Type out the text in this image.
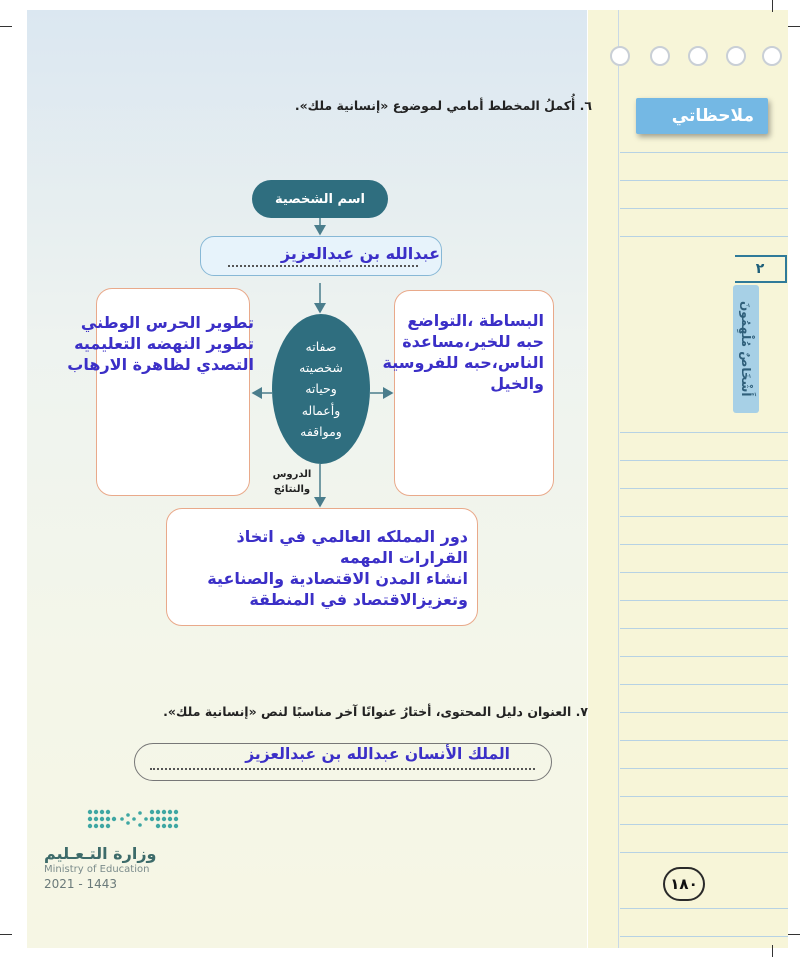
ملاحظاتي
٢
أَشْخَاصٌ مُلْهِمُونَ
٦. أُكملُ المخطط أمامي لموضوع «إنسانية ملك».
اسم الشخصية
عبدالله بن عبدالعزيز
تطوير الحرس الوطني
تطوير النهضه التعليميه
التصدي لظاهرة الارهاب
البساطة ،التواضع
حبه للخير،مساعدة
الناس،حبه للفروسية
والخيل
صفاته
شخصيته
وحياته
وأعماله
ومواقفه
الدروس
والنتائج
دور المملكه العالمي في اتخاذ
القرارات المهمه
انشاء المدن الاقتصادية والصناعية
وتعزيزالاقتصاد في المنطقة
٧. العنوان دليل المحتوى، أختارُ عنوانًا آخر مناسبًا لنص «إنسانية ملك».
الملك الأنسان عبدالله بن عبدالعزيز
وزارة التـعـليم
Ministry of Education
2021 - 1443	١٨٠
